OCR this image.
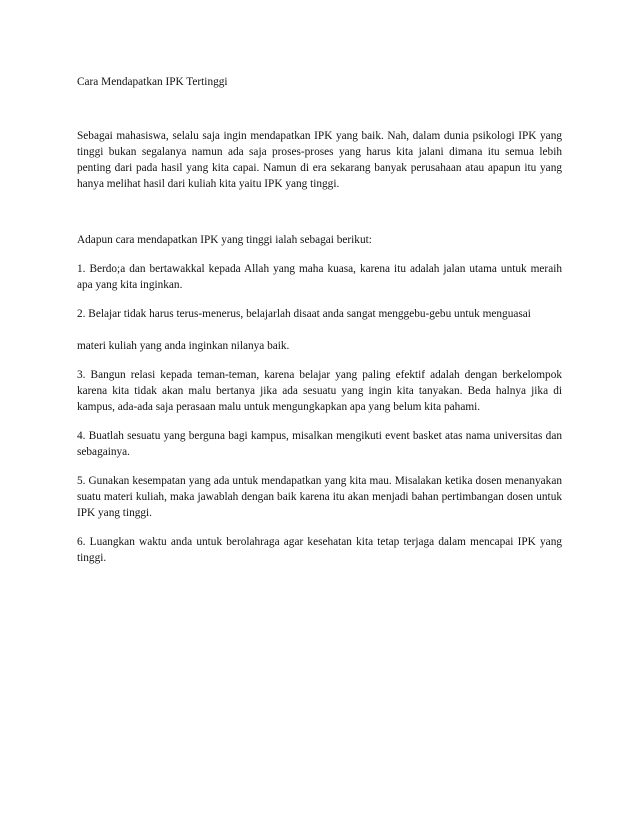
Cara Mendapatkan IPK Tertinggi

Sebagai mahasiswa, selalu saja ingin mendapatkan IPK yang baik. Nah, dalam dunia psikologi IPK yang tinggi bukan segalanya namun ada saja proses-proses yang harus kita jalani dimana itu semua lebih penting dari pada hasil yang kita capai. Namun di era sekarang banyak perusahaan atau apapun itu yang hanya melihat hasil dari kuliah kita yaitu IPK yang tinggi.

Adapun cara mendapatkan IPK yang tinggi ialah sebagai berikut:

1. Berdo;a dan bertawakkal kepada Allah yang maha kuasa, karena itu adalah jalan utama untuk meraih apa yang kita inginkan.

2. Belajar tidak harus terus-menerus, belajarlah disaat anda sangat menggebu-gebu untuk menguasai

materi kuliah yang anda inginkan nilanya baik.

3. Bangun relasi kepada teman-teman, karena belajar yang paling efektif adalah dengan berkelompok karena kita tidak akan malu bertanya jika ada sesuatu yang ingin kita tanyakan. Beda halnya jika di kampus, ada-ada saja perasaan malu untuk mengungkapkan apa yang belum kita pahami.

4. Buatlah sesuatu yang berguna bagi kampus, misalkan mengikuti event basket atas nama universitas dan sebagainya.

5. Gunakan kesempatan yang ada untuk mendapatkan yang kita mau. Misalakan ketika dosen menanyakan suatu materi kuliah, maka jawablah dengan baik karena itu akan menjadi bahan pertimbangan dosen untuk IPK yang tinggi.

6. Luangkan waktu anda untuk berolahraga agar kesehatan kita tetap terjaga dalam mencapai IPK yang tinggi.
